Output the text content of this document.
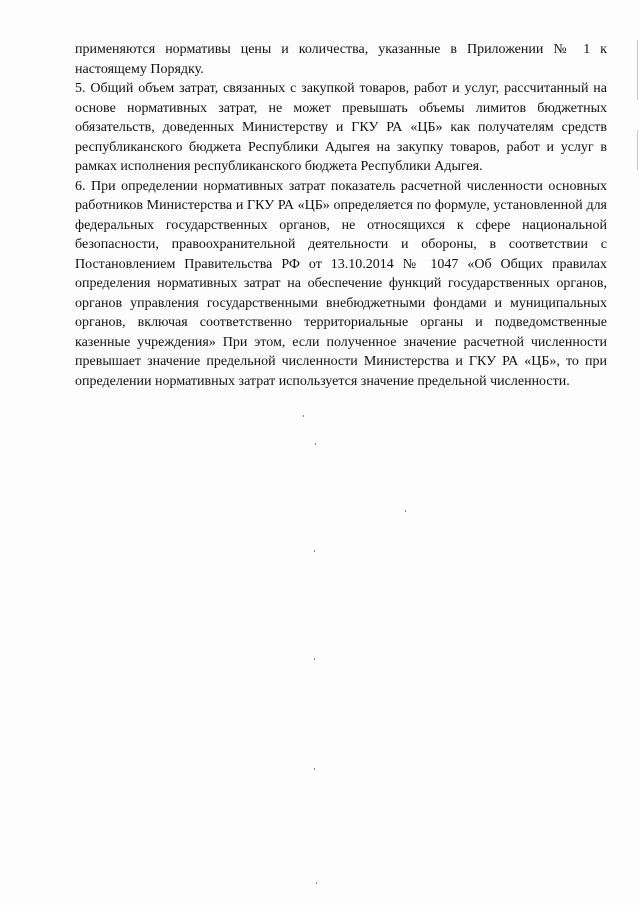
применяются нормативы цены и количества, указанные в Приложении № 1 к настоящему Порядку.

5. Общий объем затрат, связанных с закупкой товаров, работ и услуг, рассчитанный на основе нормативных затрат, не может превышать объемы лимитов бюджетных обязательств, доведенных Министерству и ГКУ РА «ЦБ» как получателям средств республиканского бюджета Республики Адыгея на закупку товаров, работ и услуг в рамках исполнения республиканского бюджета Республики Адыгея.

6. При определении нормативных затрат показатель расчетной численности основных работников Министерства и ГКУ РА «ЦБ» определяется по формуле, установленной для федеральных государственных органов, не относящихся к сфере национальной безопасности, правоохранительной деятельности и обороны, в соответствии с Постановлением Правительства РФ от 13.10.2014 № 1047 «Об Общих правилах определения нормативных затрат на обеспечение функций государственных органов, органов управления государственными внебюджетными фондами и муниципальных органов, включая соответственно территориальные органы и подведомственные казенные учреждения» При этом, если полученное значение расчетной численности превышает значение предельной численности Министерства и ГКУ РА «ЦБ», то при определении нормативных затрат используется значение предельной численности.
